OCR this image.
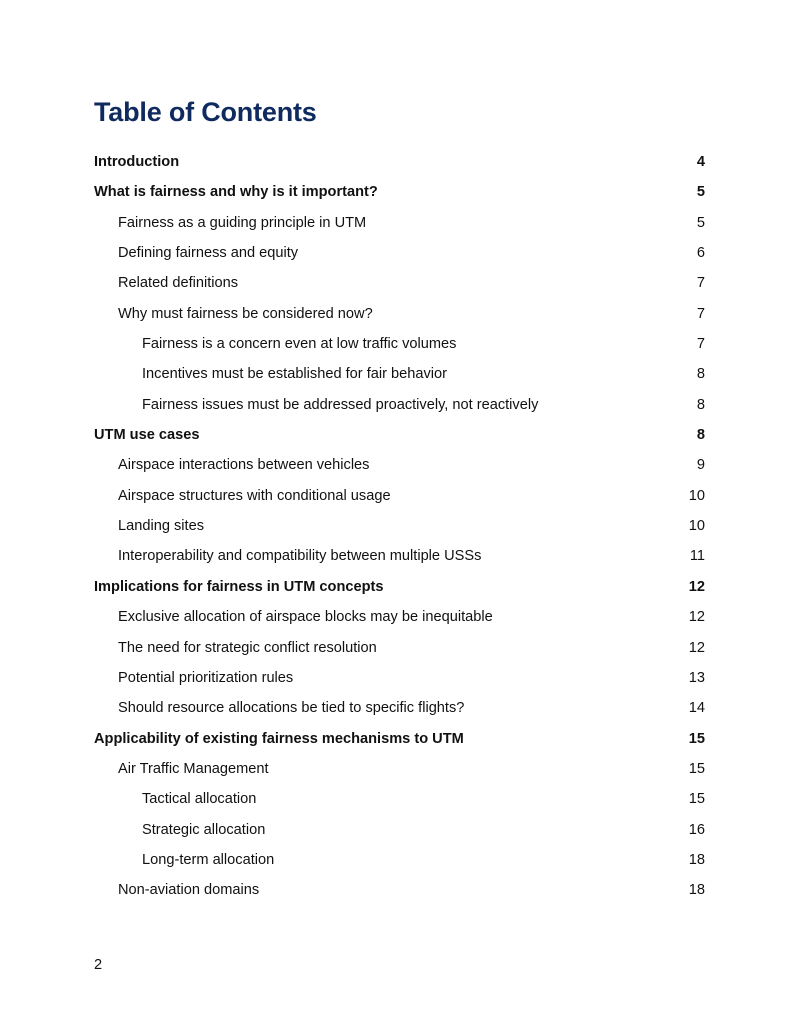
Table of Contents
Introduction	4
What is fairness and why is it important?	5
Fairness as a guiding principle in UTM	5
Defining fairness and equity	6
Related definitions	7
Why must fairness be considered now?	7
Fairness is a concern even at low traffic volumes	7
Incentives must be established for fair behavior	8
Fairness issues must be addressed proactively, not reactively	8
UTM use cases	8
Airspace interactions between vehicles	9
Airspace structures with conditional usage	10
Landing sites	10
Interoperability and compatibility between multiple USSs	11
Implications for fairness in UTM concepts	12
Exclusive allocation of airspace blocks may be inequitable	12
The need for strategic conflict resolution	12
Potential prioritization rules	13
Should resource allocations be tied to specific flights?	14
Applicability of existing fairness mechanisms to UTM	15
Air Traffic Management	15
Tactical allocation	15
Strategic allocation	16
Long-term allocation	18
Non-aviation domains	18
2
